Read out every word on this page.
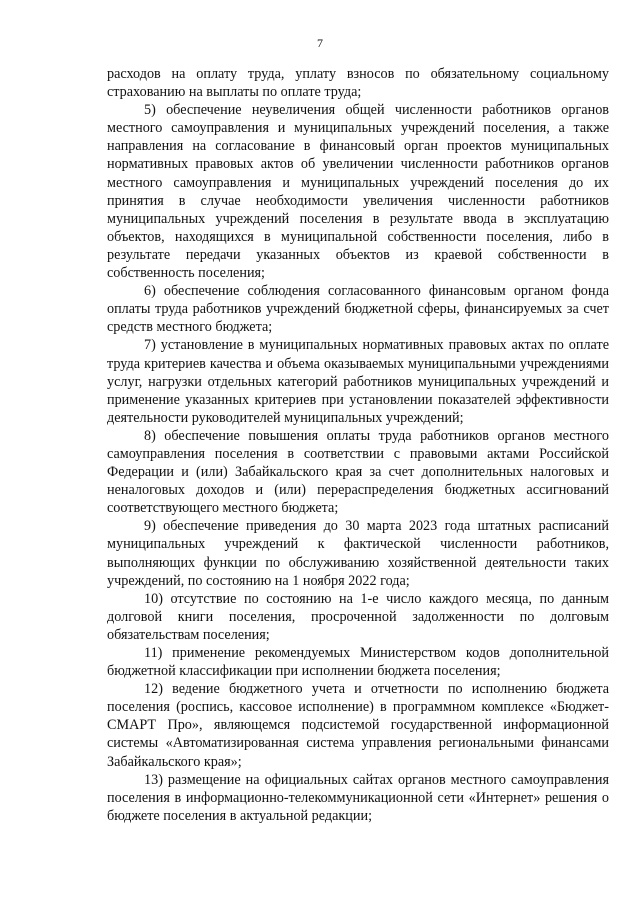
7

расходов на оплату труда, уплату взносов по обязательному социальному страхованию на выплаты по оплате труда;

5) обеспечение неувеличения общей численности работников органов местного самоуправления и муниципальных учреждений поселения, а также направления на согласование в финансовый орган проектов муниципальных нормативных правовых актов об увеличении численности работников органов местного самоуправления и муниципальных учреждений поселения до их принятия в случае необходимости увеличения численности работников муниципальных учреждений поселения в результате ввода в эксплуатацию объектов, находящихся в муниципальной собственности поселения, либо в результате передачи указанных объектов из краевой собственности в собственность поселения;

6) обеспечение соблюдения согласованного финансовым органом фонда оплаты труда работников учреждений бюджетной сферы, финансируемых за счет средств местного бюджета;

7) установление в муниципальных нормативных правовых актах по оплате труда критериев качества и объема оказываемых муниципальными учреждениями услуг, нагрузки отдельных категорий работников муниципальных учреждений и применение указанных критериев при установлении показателей эффективности деятельности руководителей муниципальных учреждений;

8) обеспечение повышения оплаты труда работников органов местного самоуправления поселения в соответствии с правовыми актами Российской Федерации и (или) Забайкальского края за счет дополнительных налоговых и неналоговых доходов и (или) перераспределения бюджетных ассигнований соответствующего местного бюджета;

9) обеспечение приведения до 30 марта 2023 года штатных расписаний муниципальных учреждений к фактической численности работников, выполняющих функции по обслуживанию хозяйственной деятельности таких учреждений, по состоянию на 1 ноября 2022 года;

10) отсутствие по состоянию на 1-е число каждого месяца, по данным долговой книги поселения, просроченной задолженности по долговым обязательствам поселения;

11) применение рекомендуемых Министерством кодов дополнительной бюджетной классификации при исполнении бюджета поселения;

12) ведение бюджетного учета и отчетности по исполнению бюджета поселения (роспись, кассовое исполнение) в программном комплексе «Бюджет-СМАРТ Про», являющемся подсистемой государственной информационной системы «Автоматизированная система управления региональными финансами Забайкальского края»;

13) размещение на официальных сайтах органов местного самоуправления поселения в информационно-телекоммуникационной сети «Интернет» решения о бюджете поселения в актуальной редакции;
